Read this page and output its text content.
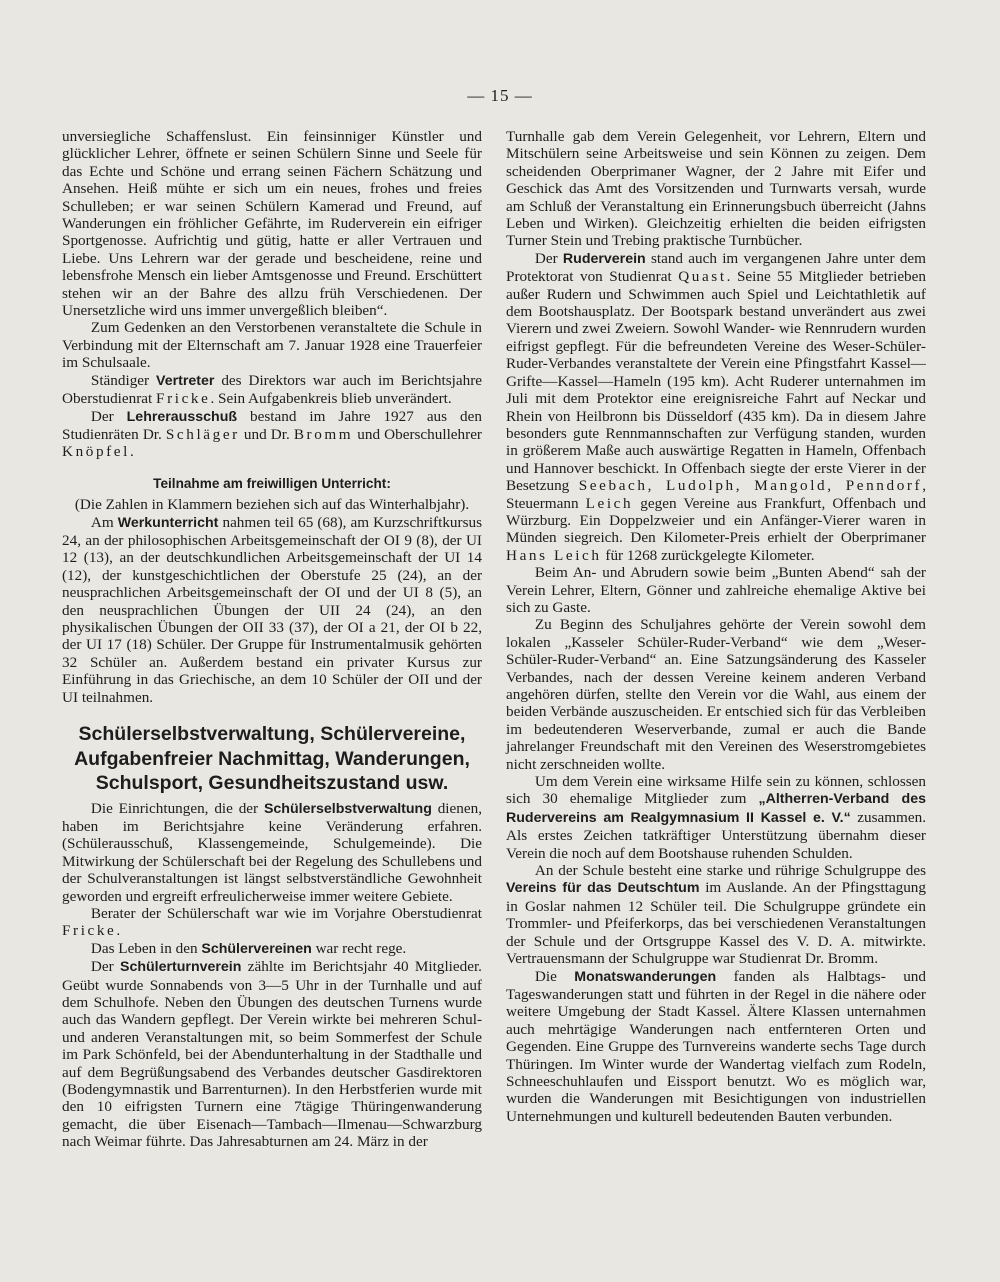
— 15 —

unversiegliche Schaffenslust. Ein feinsinniger Künstler und glücklicher Lehrer, öffnete er seinen Schülern Sinne und Seele für das Echte und Schöne und errang seinen Fächern Schätzung und Ansehen. Heiß mühte er sich um ein neues, frohes und freies Schulleben; er war seinen Schülern Kamerad und Freund, auf Wanderungen ein fröhlicher Gefährte, im Ruderverein ein eifriger Sportgenosse. Aufrichtig und gütig, hatte er aller Vertrauen und Liebe. Uns Lehrern war der gerade und bescheidene, reine und lebensfrohe Mensch ein lieber Amtsgenosse und Freund. Erschüttert stehen wir an der Bahre des allzu früh Verschiedenen. Der Unersetzliche wird uns immer unvergeßlich bleiben“.

Zum Gedenken an den Verstorbenen veranstaltete die Schule in Verbindung mit der Elternschaft am 7. Januar 1928 eine Trauerfeier im Schulsaale.

Ständiger Vertreter des Direktors war auch im Berichtsjahre Oberstudienrat Fricke. Sein Aufgabenkreis blieb unverändert.

Der Lehrerausschuß bestand im Jahre 1927 aus den Studienräten Dr. Schläger und Dr. Bromm und Oberschullehrer Knöpfel.

Teilnahme am freiwilligen Unterricht:

(Die Zahlen in Klammern beziehen sich auf das Winterhalbjahr).

Am Werkunterricht nahmen teil 65 (68), am Kurzschriftkursus 24, an der philosophischen Arbeitsgemeinschaft der OI 9 (8), der UI 12 (13), an der deutschkundlichen Arbeitsgemeinschaft der UI 14 (12), der kunstgeschichtlichen der Oberstufe 25 (24), an der neusprachlichen Arbeitsgemeinschaft der OI und der UI 8 (5), an den neusprachlichen Übungen der UII 24 (24), an den physikalischen Übungen der OII 33 (37), der OI a 21, der OI b 22, der UI 17 (18) Schüler. Der Gruppe für Instrumentalmusik gehörten 32 Schüler an. Außerdem bestand ein privater Kursus zur Einführung in das Griechische, an dem 10 Schüler der OII und der UI teilnahmen.

Schülerselbstverwaltung, Schülervereine, Aufgabenfreier Nachmittag, Wanderungen, Schulsport, Gesundheitszustand usw.

Die Einrichtungen, die der Schülerselbstverwaltung dienen, haben im Berichtsjahre keine Veränderung erfahren. (Schülerausschuß, Klassengemeinde, Schulgemeinde). Die Mitwirkung der Schülerschaft bei der Regelung des Schullebens und der Schulveranstaltungen ist längst selbstverständliche Gewohnheit geworden und ergreift erfreulicherweise immer weitere Gebiete.

Berater der Schülerschaft war wie im Vorjahre Oberstudienrat Fricke.

Das Leben in den Schülervereinen war recht rege.

Der Schülerturnverein zählte im Berichtsjahr 40 Mitglieder. Geübt wurde Sonnabends von 3—5 Uhr in der Turnhalle und auf dem Schulhofe. Neben den Übungen des deutschen Turnens wurde auch das Wandern gepflegt. Der Verein wirkte bei mehreren Schul- und anderen Veranstaltungen mit, so beim Sommerfest der Schule im Park Schönfeld, bei der Abendunterhaltung in der Stadthalle und auf dem Begrüßungsabend des Verbandes deutscher Gasdirektoren (Bodengymnastik und Barrenturnen). In den Herbstferien wurde mit den 10 eifrigsten Turnern eine 7tägige Thüringenwanderung gemacht, die über Eisenach—Tambach—Ilmenau—Schwarzburg nach Weimar führte. Das Jahresabturnen am 24. März in der

Turnhalle gab dem Verein Gelegenheit, vor Lehrern, Eltern und Mitschülern seine Arbeitsweise und sein Können zu zeigen. Dem scheidenden Oberprimaner Wagner, der 2 Jahre mit Eifer und Geschick das Amt des Vorsitzenden und Turnwarts versah, wurde am Schluß der Veranstaltung ein Erinnerungsbuch überreicht (Jahns Leben und Wirken). Gleichzeitig erhielten die beiden eifrigsten Turner Stein und Trebing praktische Turnbücher.

Der Ruderverein stand auch im vergangenen Jahre unter dem Protektorat von Studienrat Quast. Seine 55 Mitglieder betrieben außer Rudern und Schwimmen auch Spiel und Leichtathletik auf dem Bootshausplatz. Der Bootspark bestand unverändert aus zwei Vierern und zwei Zweiern. Sowohl Wander- wie Rennrudern wurden eifrigst gepflegt. Für die befreundeten Vereine des Weser-Schüler-Ruder-Verbandes veranstaltete der Verein eine Pfingstfahrt Kassel—Grifte—Kassel—Hameln (195 km). Acht Ruderer unternahmen im Juli mit dem Protektor eine ereignisreiche Fahrt auf Neckar und Rhein von Heilbronn bis Düsseldorf (435 km). Da in diesem Jahre besonders gute Rennmannschaften zur Verfügung standen, wurden in größerem Maße auch auswärtige Regatten in Hameln, Offenbach und Hannover beschickt. In Offenbach siegte der erste Vierer in der Besetzung Seebach, Ludolph, Mangold, Penndorf, Steuermann Leich gegen Vereine aus Frankfurt, Offenbach und Würzburg. Ein Doppelzweier und ein Anfänger-Vierer waren in Münden siegreich. Den Kilometer-Preis erhielt der Oberprimaner Hans Leich für 1268 zurückgelegte Kilometer.

Beim An- und Abrudern sowie beim „Bunten Abend“ sah der Verein Lehrer, Eltern, Gönner und zahlreiche ehemalige Aktive bei sich zu Gaste.

Zu Beginn des Schuljahres gehörte der Verein sowohl dem lokalen „Kasseler Schüler-Ruder-Verband“ wie dem „Weser-Schüler-Ruder-Verband“ an. Eine Satzungsänderung des Kasseler Verbandes, nach der dessen Vereine keinem anderen Verband angehören dürfen, stellte den Verein vor die Wahl, aus einem der beiden Verbände auszuscheiden. Er entschied sich für das Verbleiben im bedeutenderen Weserverbande, zumal er auch die Bande jahrelanger Freundschaft mit den Vereinen des Weserstromgebietes nicht zerschneiden wollte.

Um dem Verein eine wirksame Hilfe sein zu können, schlossen sich 30 ehemalige Mitglieder zum „Altherren-Verband des Rudervereins am Realgymnasium II Kassel e. V.“ zusammen. Als erstes Zeichen tatkräftiger Unterstützung übernahm dieser Verein die noch auf dem Bootshause ruhenden Schulden.

An der Schule besteht eine starke und rührige Schulgruppe des Vereins für das Deutschtum im Auslande. An der Pfingsttagung in Goslar nahmen 12 Schüler teil. Die Schulgruppe gründete ein Trommler- und Pfeiferkorps, das bei verschiedenen Veranstaltungen der Schule und der Ortsgruppe Kassel des V. D. A. mitwirkte. Vertrauensmann der Schulgruppe war Studienrat Dr. Bromm.

Die Monatswanderungen fanden als Halbtags- und Tageswanderungen statt und führten in der Regel in die nähere oder weitere Umgebung der Stadt Kassel. Ältere Klassen unternahmen auch mehrtägige Wanderungen nach entfernteren Orten und Gegenden. Eine Gruppe des Turnvereins wanderte sechs Tage durch Thüringen. Im Winter wurde der Wandertag vielfach zum Rodeln, Schneeschuhlaufen und Eissport benutzt. Wo es möglich war, wurden die Wanderungen mit Besichtigungen von industriellen Unternehmungen und kulturell bedeutenden Bauten verbunden.
